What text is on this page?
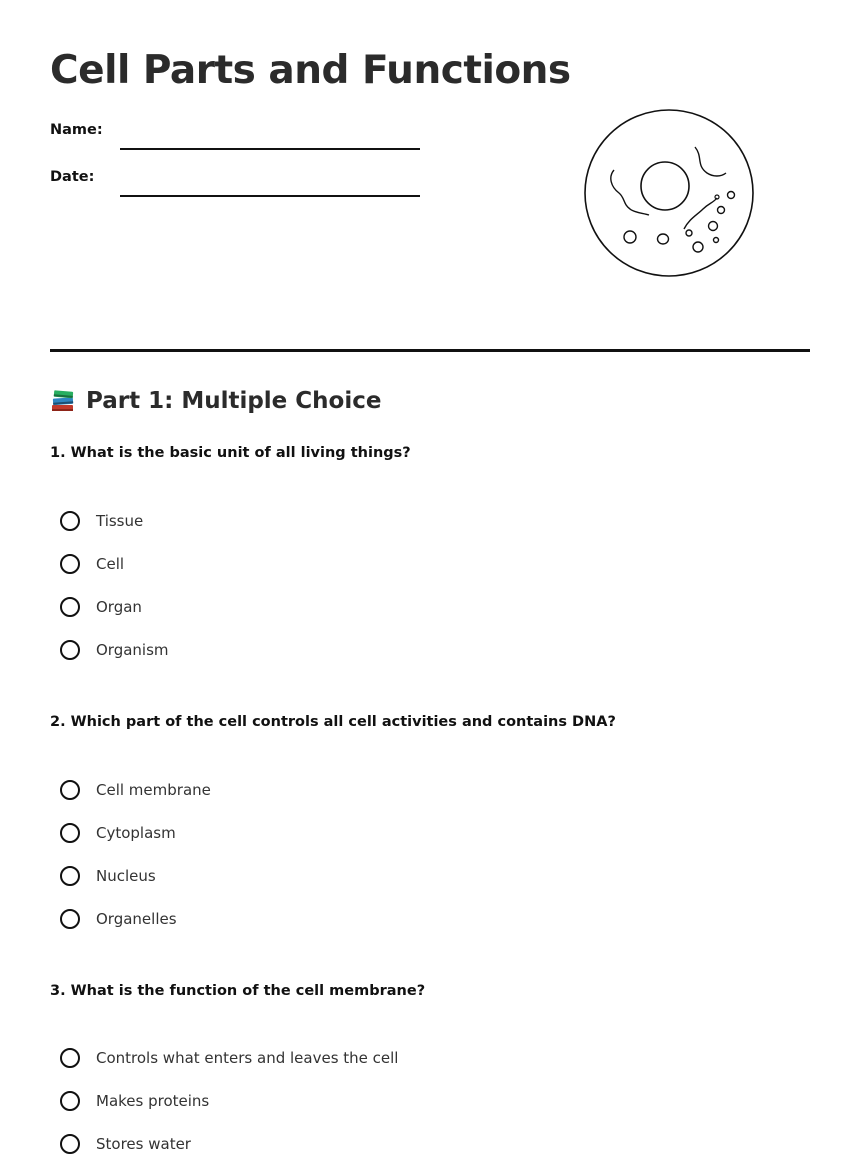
Cell Parts and Functions
Name:
Date:
Part 1: Multiple Choice

1. What is the basic unit of all living things?

Tissue
Cell
Organ
Organism

2. Which part of the cell controls all cell activities and contains DNA?

Cell membrane
Cytoplasm
Nucleus
Organelles

3. What is the function of the cell membrane?

Controls what enters and leaves the cell
Makes proteins
Stores water
